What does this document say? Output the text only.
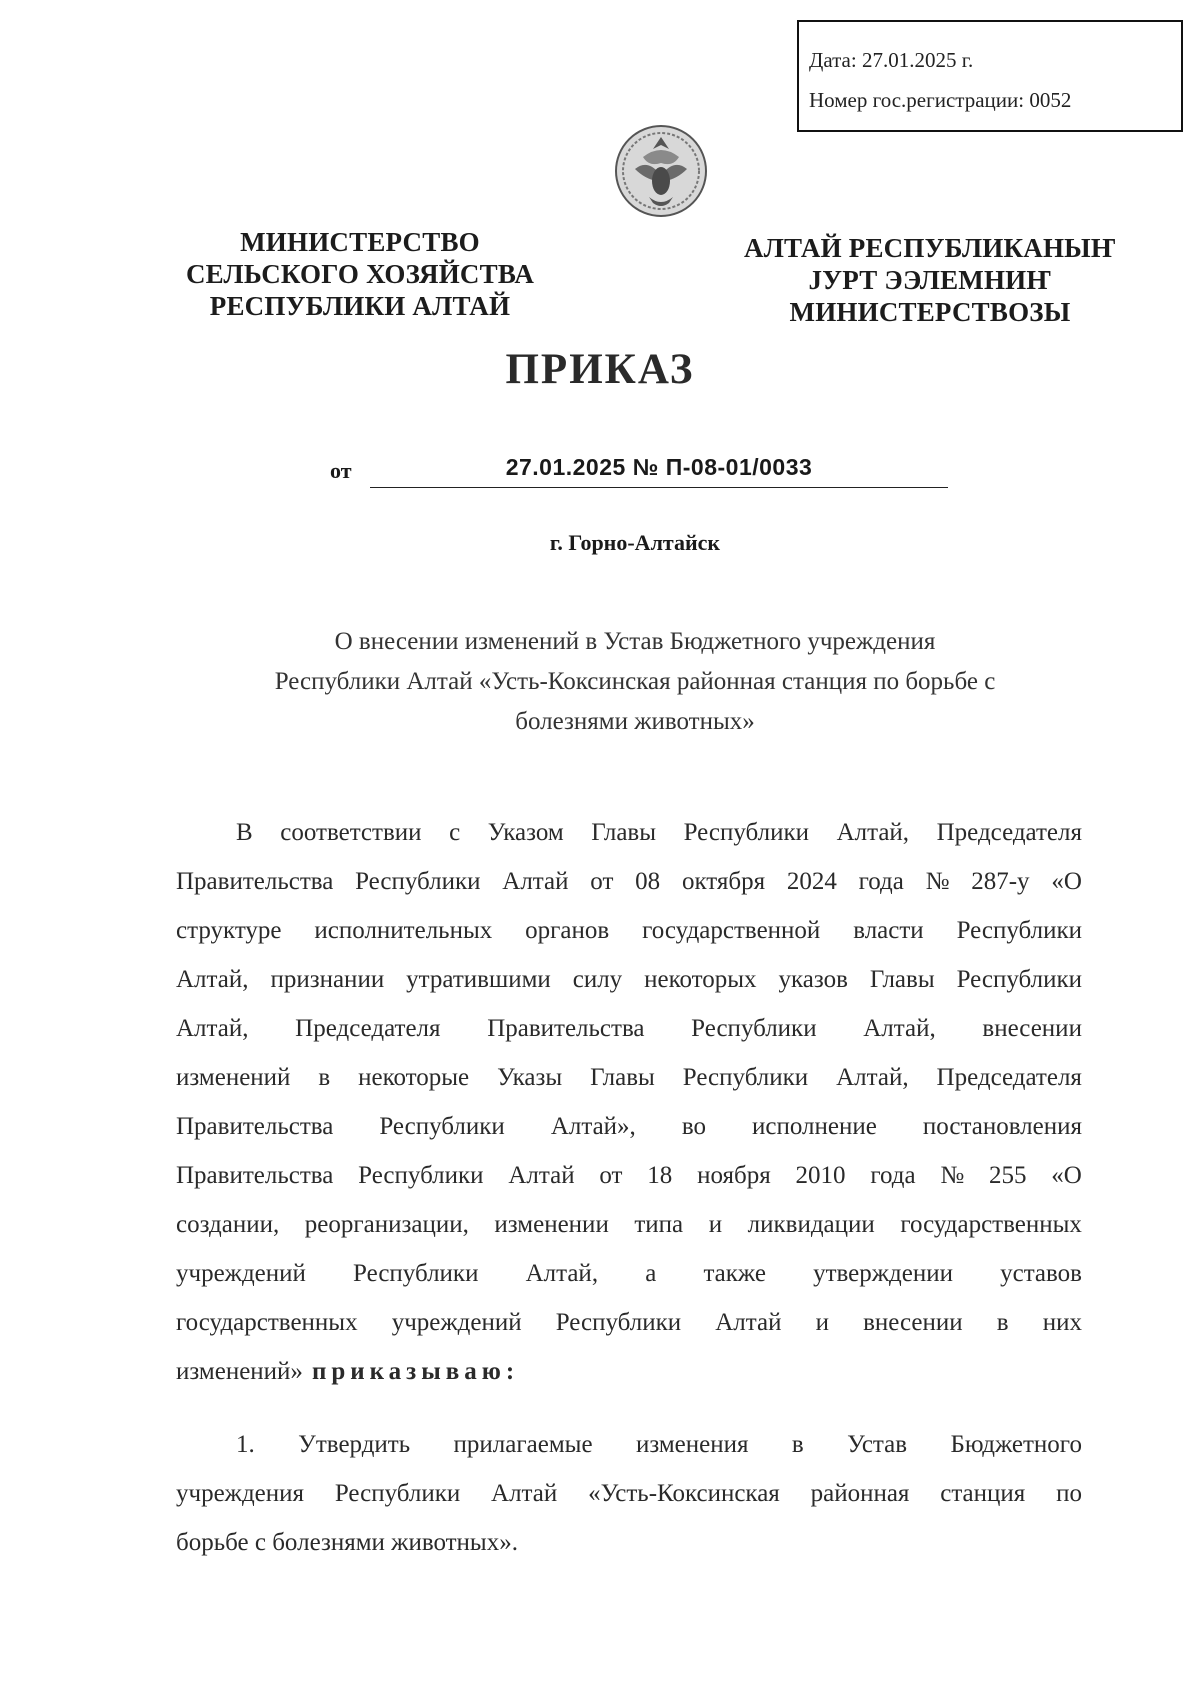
Дата: 27.01.2025 г.
Номер гос.регистрации: 0052
МИНИСТЕРСТВО
СЕЛЬСКОГО ХОЗЯЙСТВА
РЕСПУБЛИКИ АЛТАЙ
АЛТАЙ РЕСПУБЛИКАНЫҤ
ЈУРТ ЭЭЛЕМНИҤ
МИНИСТЕРСТВОЗЫ
ПРИКАЗ
от	27.01.2025 № П-08-01/0033
г. Горно-Алтайск
О внесении изменений в Устав Бюджетного учреждения
Республики Алтай «Усть-Коксинская районная станция по борьбе с
болезнями животных»
В соответствии с Указом Главы Республики Алтай, Председателя
Правительства Республики Алтай от 08 октября 2024 года № 287-у «О
структуре исполнительных органов государственной власти Республики
Алтай, признании утратившими силу некоторых указов Главы Республики
Алтай, Председателя Правительства Республики Алтай, внесении
изменений в некоторые Указы Главы Республики Алтай, Председателя
Правительства Республики Алтай», во исполнение постановления
Правительства Республики Алтай от 18 ноября 2010 года № 255 «О
создании, реорганизации, изменении типа и ликвидации государственных
учреждений Республики Алтай, а также утверждении уставов
государственных учреждений Республики Алтай и внесении в них
изменений» приказываю:
1. Утвердить прилагаемые изменения в Устав Бюджетного
учреждения Республики Алтай «Усть-Коксинская районная станция по
борьбе с болезнями животных».
